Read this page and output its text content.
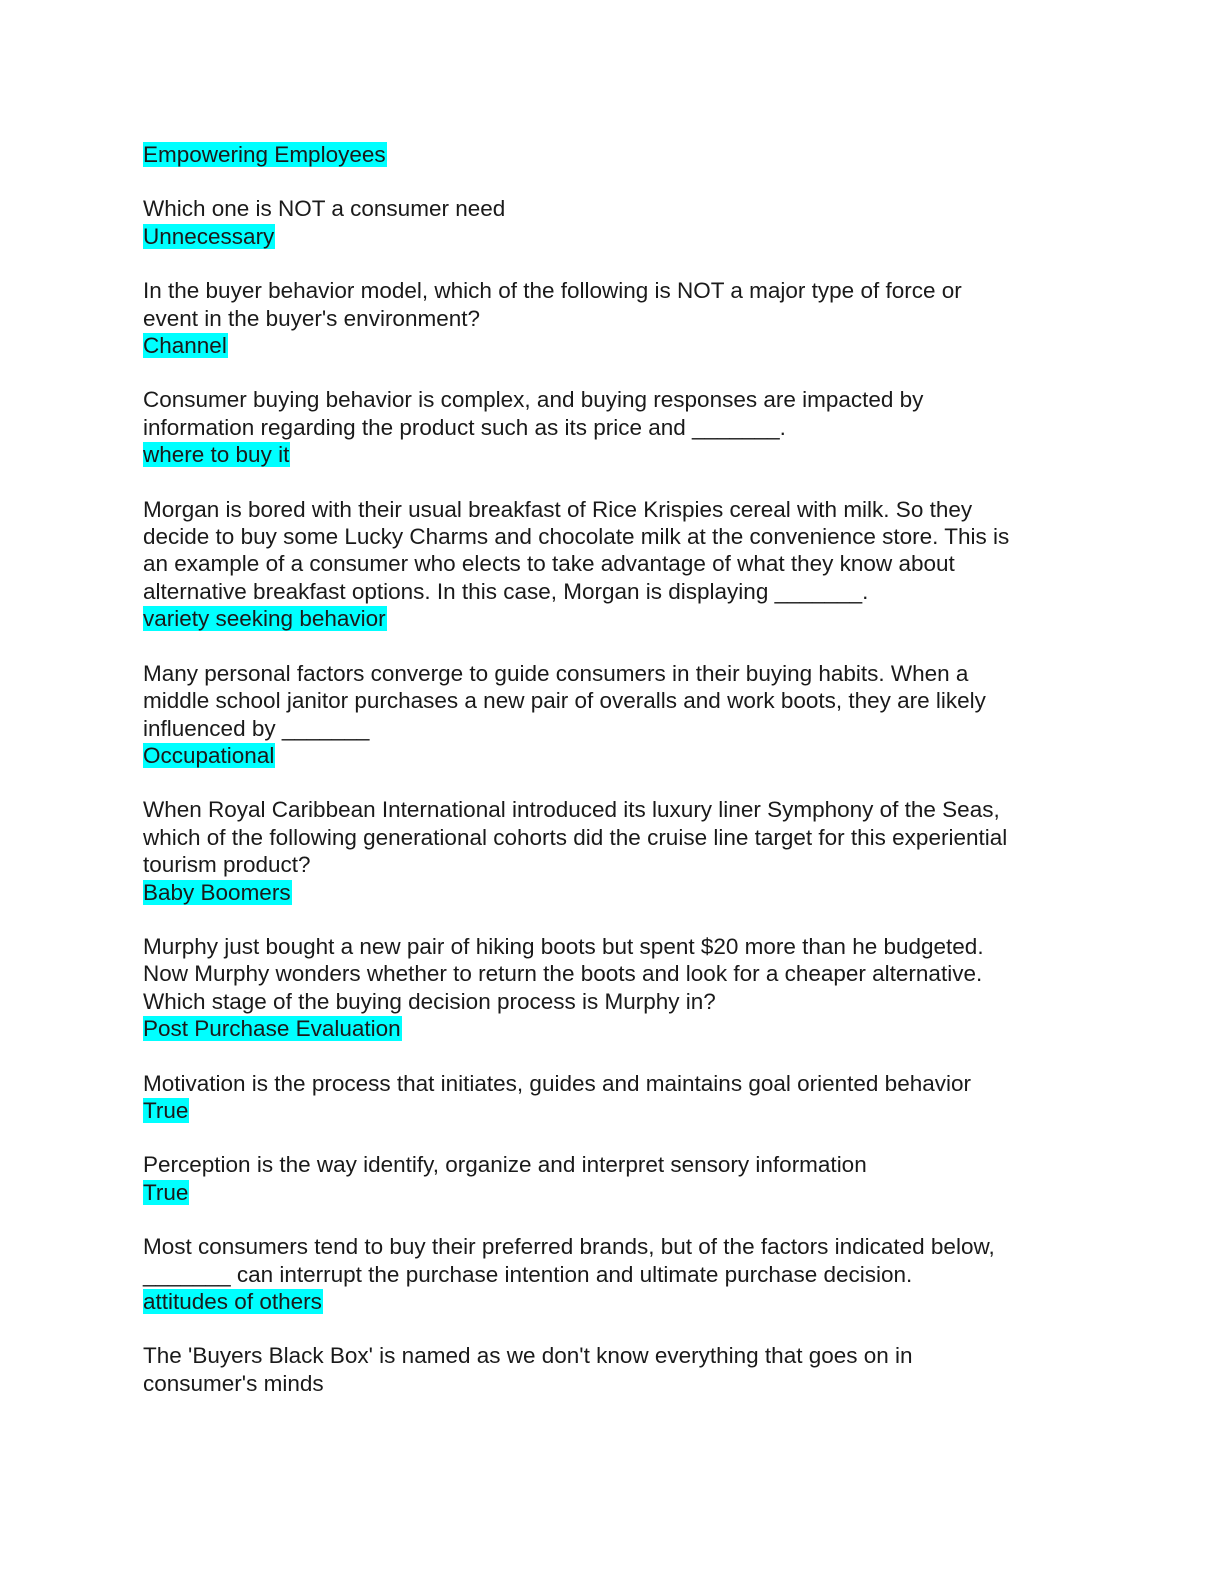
Empowering Employees
Which one is NOT a consumer need
Unnecessary
In the buyer behavior model, which of the following is NOT a major type of force or
event in the buyer's environment?
Channel
Consumer buying behavior is complex, and buying responses are impacted by
information regarding the product such as its price and _______.
where to buy it
Morgan is bored with their usual breakfast of Rice Krispies cereal with milk. So they
decide to buy some Lucky Charms and chocolate milk at the convenience store. This is
an example of a consumer who elects to take advantage of what they know about
alternative breakfast options. In this case, Morgan is displaying _______.
variety seeking behavior
Many personal factors converge to guide consumers in their buying habits. When a
middle school janitor purchases a new pair of overalls and work boots, they are likely
influenced by _______
Occupational
When Royal Caribbean International introduced its luxury liner Symphony of the Seas,
which of the following generational cohorts did the cruise line target for this experiential
tourism product?
Baby Boomers
Murphy just bought a new pair of hiking boots but spent $20 more than he budgeted.
Now Murphy wonders whether to return the boots and look for a cheaper alternative.
Which stage of the buying decision process is Murphy in?
Post Purchase Evaluation
Motivation is the process that initiates, guides and maintains goal oriented behavior
True
Perception is the way identify, organize and interpret sensory information
True
Most consumers tend to buy their preferred brands, but of the factors indicated below,
_______ can interrupt the purchase intention and ultimate purchase decision.
attitudes of others
The 'Buyers Black Box' is named as we don't know everything that goes on in
consumer's minds
